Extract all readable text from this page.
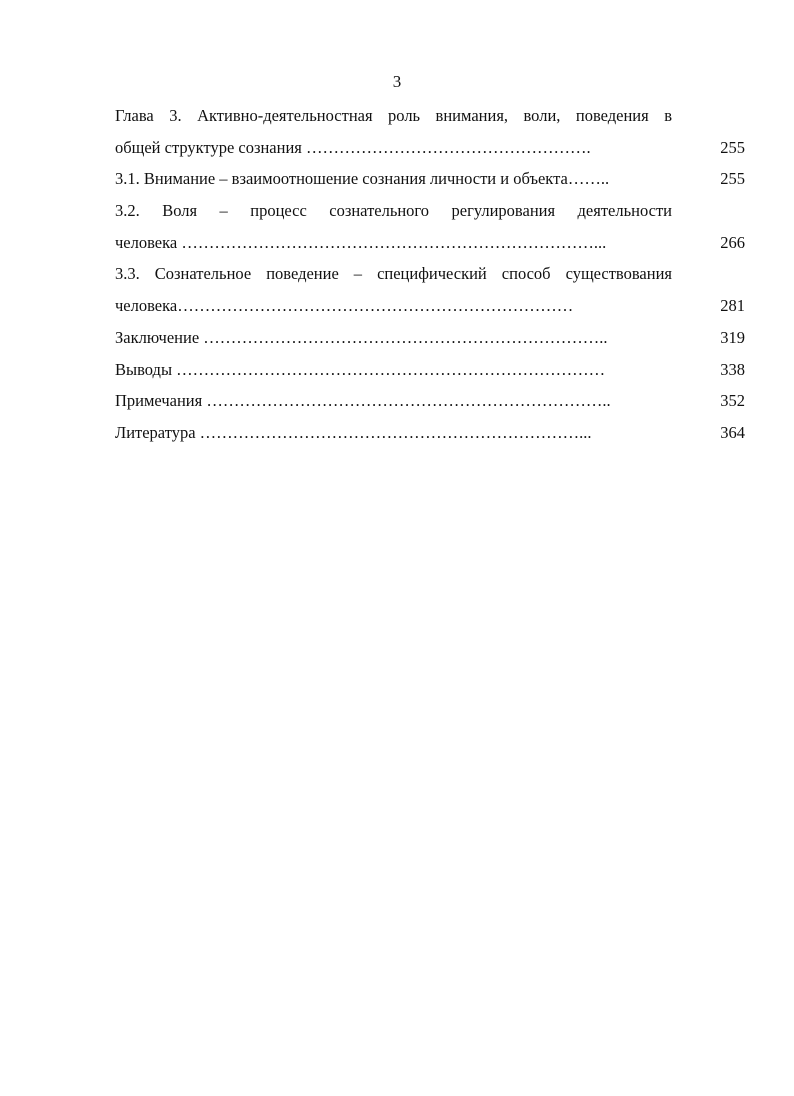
3
Глава 3. Активно-деятельностная роль внимания, воли, поведения в
общей структуре сознания …………………………………………….	255
3.1. Внимание – взаимоотношение сознания личности и объекта……..	255
3.2. Воля – процесс сознательного регулирования деятельности
человека …………………………………………………………………...	266
3.3. Сознательное поведение – специфический способ существования
человека………………………………………………………………	281
Заключение ………………………………………………………………..	319
Выводы ……………………………………………………………………	338
Примечания ………………………………………………………………..	352
Литература ……………………………………………………………...	364
